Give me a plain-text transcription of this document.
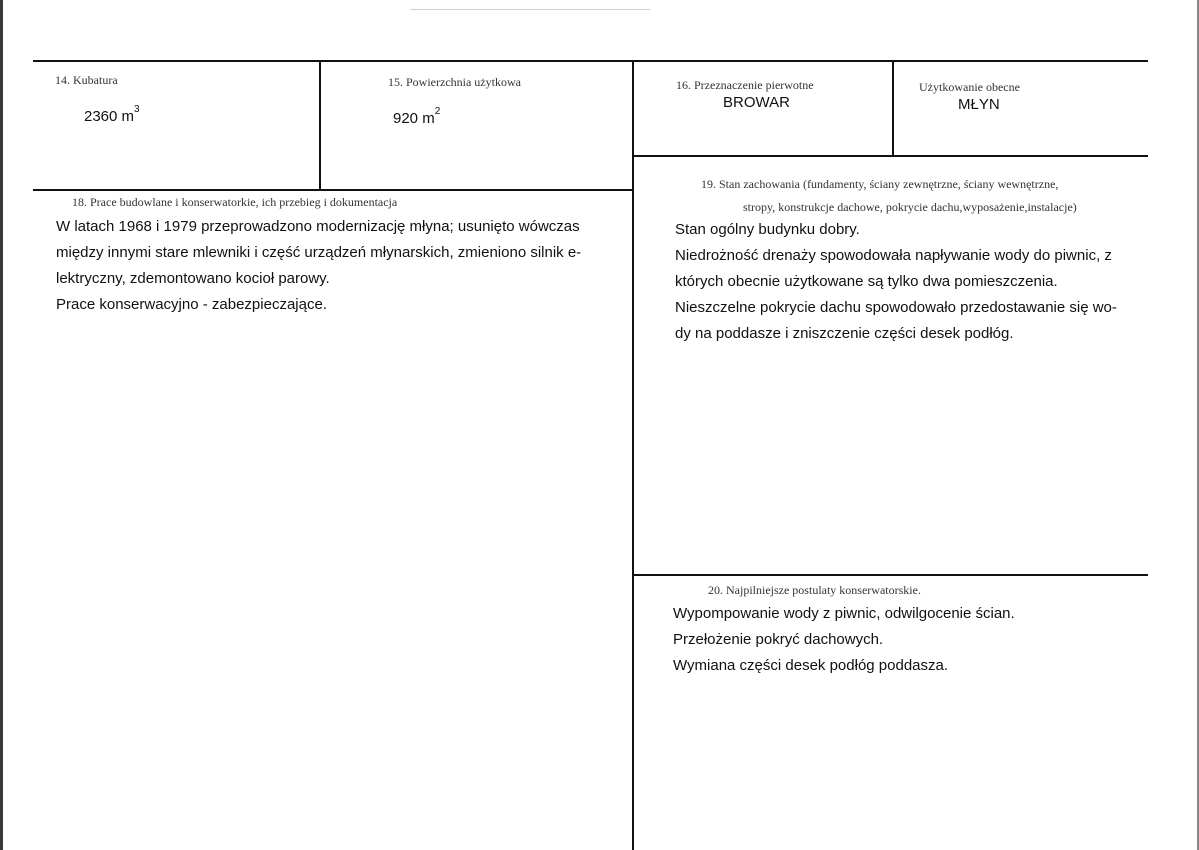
14. Kubatura
2360 $m^3$
15. Powierzchnia użytkowa
920 $m^2$
16. Przeznaczenie pierwotne
BROWAR
Użytkowanie obecne
MŁYN
18. Prace budowlane i konserwatorkie, ich przebieg i dokumentacja

W latach 1968 i 1979 przeprowadzono modernizację młyna; usunięto wówczas

między innymi stare mlewniki i część urządzeń młynarskich, zmieniono silnik e-

lektryczny, zdemontowano kocioł parowy.

Prace konserwacyjno - zabezpieczające.

19. Stan zachowania (fundamenty, ściany zewnętrzne, ściany wewnętrzne,
stropy, konstrukcje dachowe, pokrycie dachu,wyposażenie,instalacje)

Stan ogólny budynku dobry.

Niedrożność drenaży spowodowała napływanie wody do piwnic, z

których obecnie użytkowane są tylko dwa pomieszczenia.

Nieszczelne pokrycie dachu spowodowało przedostawanie się wo-

dy na poddasze i zniszczenie części desek podłóg.

20. Najpilniejsze postulaty konserwatorskie.

Wypompowanie wody z piwnic, odwilgocenie ścian.

Przełożenie pokryć dachowych.

Wymiana części desek podłóg poddasza.
